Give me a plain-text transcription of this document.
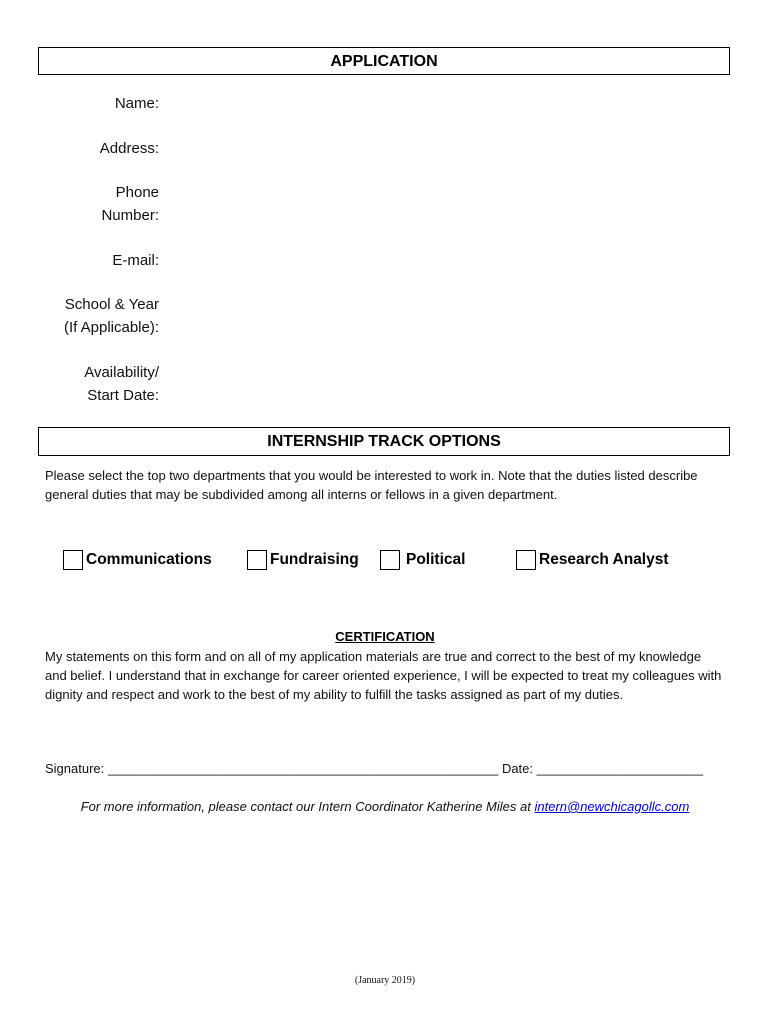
APPLICATION
Name:
Address:
Phone
Number:
E-mail:
School & Year
(If Applicable):
Availability/
Start Date:
INTERNSHIP TRACK OPTIONS
Please select the top two departments that you would be interested to work in. Note that the duties listed describe general duties that may be subdivided among all interns or fellows in a given department.
Communications	Fundraising	Political	Research Analyst
CERTIFICATION
My statements on this form and on all of my application materials are true and correct to the best of my knowledge and belief. I understand that in exchange for career oriented experience, I will be expected to treat my colleagues with dignity and respect and work to the best of my ability to fulfill the tasks assigned as part of my duties.
Signature: ______________________________________________________ Date: _______________________
For more information, please contact our Intern Coordinator Katherine Miles at intern@newchicagollc.com
(January 2019)
